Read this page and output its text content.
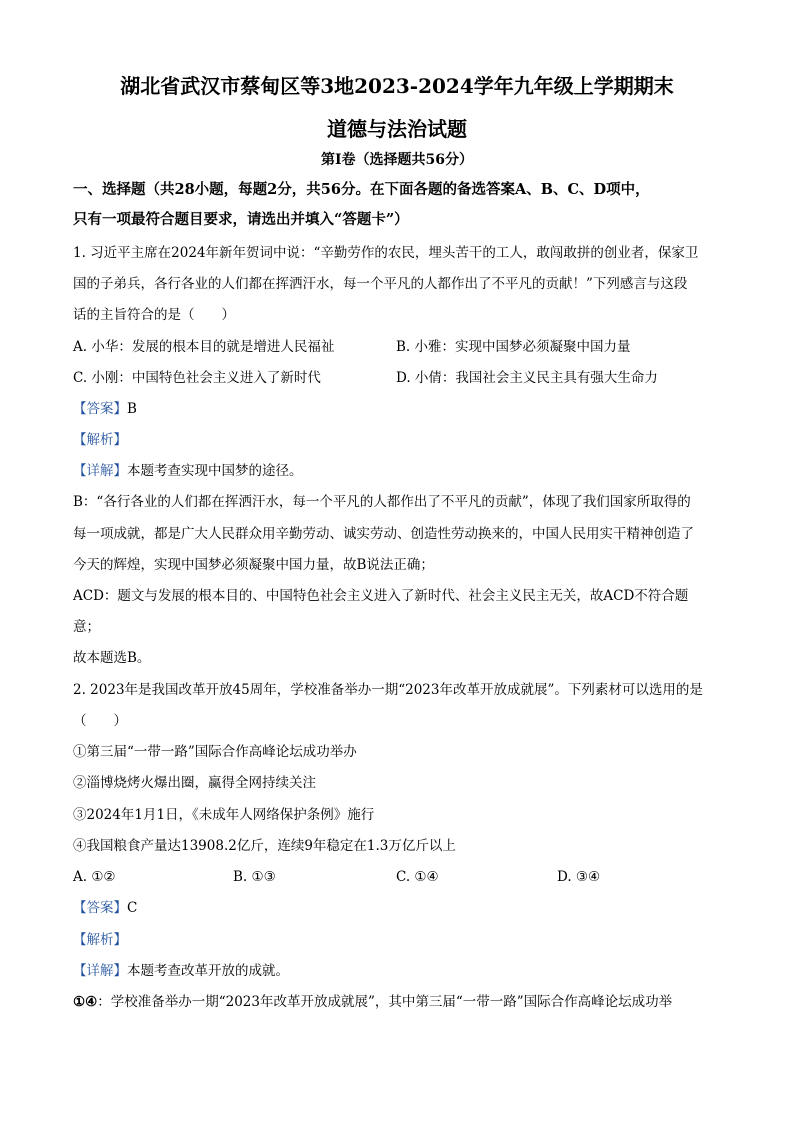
湖北省武汉市蔡甸区等3地2023-2024学年九年级上学期期末
道德与法治试题
第I卷（选择题共56分）
一、选择题（共28小题，每题2分，共56分。在下面各题的备选答案A、B、C、D项中，
只有一项最符合题目要求，请选出并填入“答题卡”）
1. 习近平主席在2024年新年贺词中说：“辛勤劳作的农民，埋头苦干的工人，敢闯敢拼的创业者，保家卫
国的子弟兵，各行各业的人们都在挥洒汗水，每一个平凡的人都作出了不平凡的贡献！”下列感言与这段
话的主旨符合的是（　　）
A. 小华：发展的根本目的就是增进人民福祉	B. 小雅：实现中国梦必须凝聚中国力量
C. 小刚：中国特色社会主义进入了新时代	D. 小倩：我国社会主义民主具有强大生命力
【答案】B
【解析】
【详解】本题考查实现中国梦的途径。
B：“各行各业的人们都在挥洒汗水，每一个平凡的人都作出了不平凡的贡献”，体现了我们国家所取得的
每一项成就，都是广大人民群众用辛勤劳动、诚实劳动、创造性劳动换来的，中国人民用实干精神创造了
今天的辉煌，实现中国梦必须凝聚中国力量，故B说法正确；
ACD：题文与发展的根本目的、中国特色社会主义进入了新时代、社会主义民主无关，故ACD不符合题
意；
故本题选B。
2. 2023年是我国改革开放45周年，学校准备举办一期“2023年改革开放成就展”。下列素材可以选用的是
（　　）
①第三届“一带一路”国际合作高峰论坛成功举办
②淄博烧烤火爆出圈，赢得全网持续关注
③2024年1月1日，《未成年人网络保护条例》施行
④我国粮食产量达13908.2亿斤，连续9年稳定在1.3万亿斤以上
A. ①②	B. ①③	C. ①④	D. ③④
【答案】C
【解析】
【详解】本题考查改革开放的成就。
①④：学校准备举办一期“2023年改革开放成就展”，其中第三届“一带一路”国际合作高峰论坛成功举
